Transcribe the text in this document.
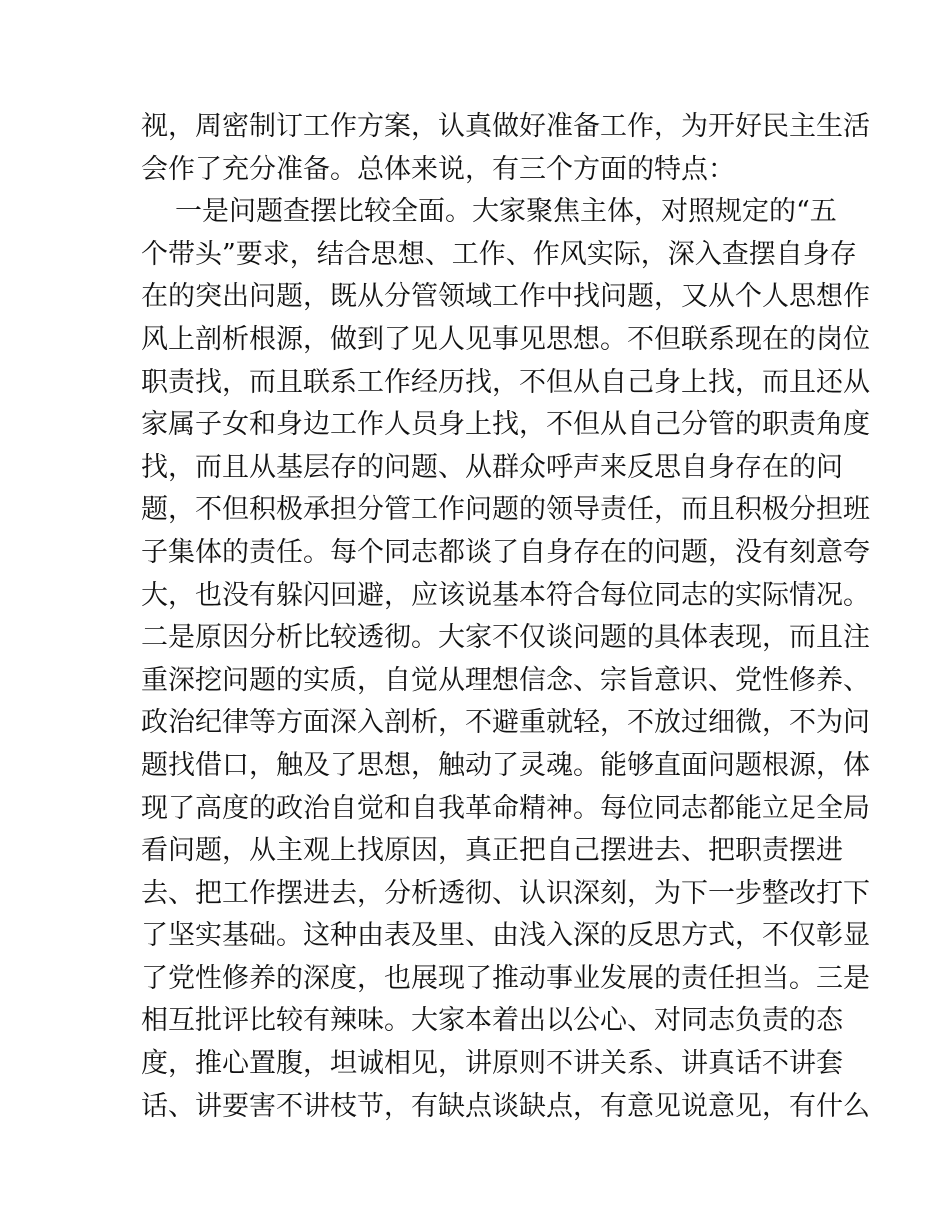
视，周密制订工作方案，认真做好准备工作，为开好民主生活
会作了充分准备。总体来说，有三个方面的特点：
一是问题查摆比较全面。大家聚焦主体，对照规定的“五
个带头”要求，结合思想、工作、作风实际，深入查摆自身存
在的突出问题，既从分管领域工作中找问题，又从个人思想作
风上剖析根源，做到了见人见事见思想。不但联系现在的岗位
职责找，而且联系工作经历找，不但从自己身上找，而且还从
家属子女和身边工作人员身上找，不但从自己分管的职责角度
找，而且从基层存的问题、从群众呼声来反思自身存在的问
题，不但积极承担分管工作问题的领导责任，而且积极分担班
子集体的责任。每个同志都谈了自身存在的问题，没有刻意夸
大，也没有躲闪回避，应该说基本符合每位同志的实际情况。
二是原因分析比较透彻。大家不仅谈问题的具体表现，而且注
重深挖问题的实质，自觉从理想信念、宗旨意识、党性修养、
政治纪律等方面深入剖析，不避重就轻，不放过细微，不为问
题找借口，触及了思想，触动了灵魂。能够直面问题根源，体
现了高度的政治自觉和自我革命精神。每位同志都能立足全局
看问题，从主观上找原因，真正把自己摆进去、把职责摆进
去、把工作摆进去，分析透彻、认识深刻，为下一步整改打下
了坚实基础。这种由表及里、由浅入深的反思方式，不仅彰显
了党性修养的深度，也展现了推动事业发展的责任担当。三是
相互批评比较有辣味。大家本着出以公心、对同志负责的态
度，推心置腹，坦诚相见，讲原则不讲关系、讲真话不讲套
话、讲要害不讲枝节，有缺点谈缺点，有意见说意见，有什么
